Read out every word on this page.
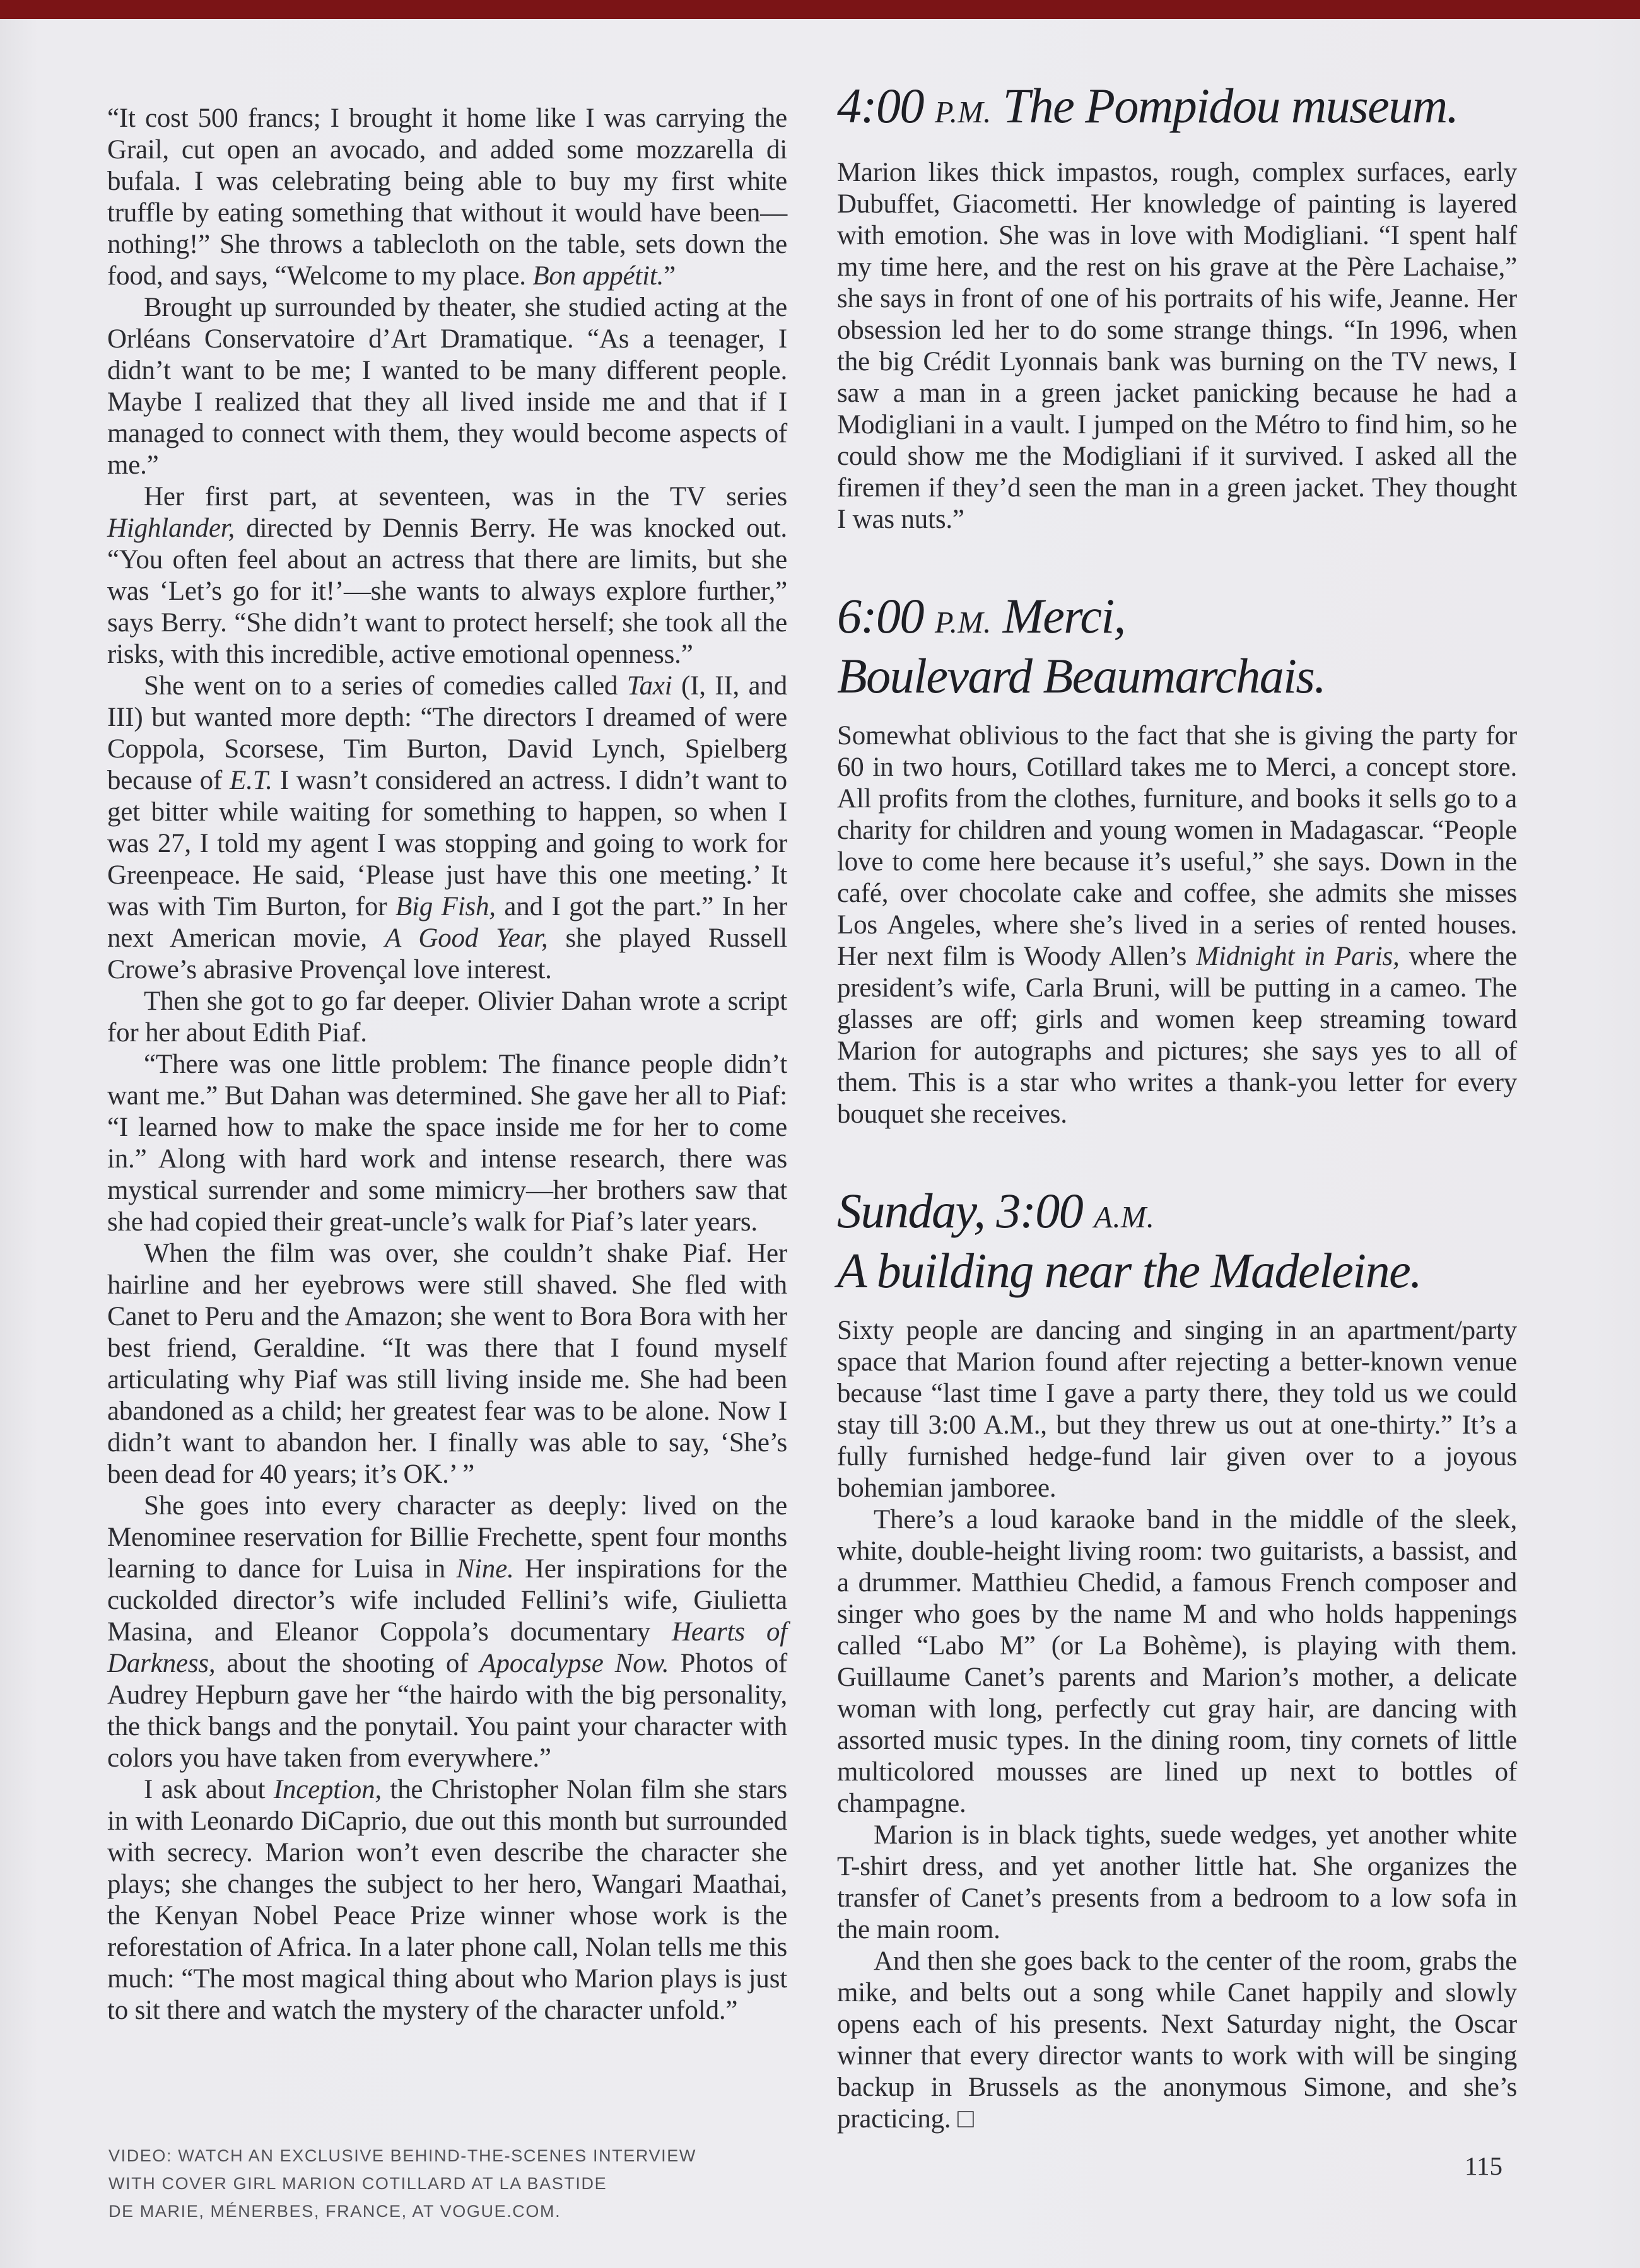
“It cost 500 francs; I brought it home like I was carrying the Grail, cut open an avocado, and added some mozzarella di bufala. I was celebrating being able to buy my first white truffle by eating something that without it would have been—nothing!” She throws a tablecloth on the table, sets down the food, and says, “Welcome to my place. Bon appétit.”

Brought up surrounded by theater, she studied acting at the Orléans Conservatoire d’Art Dramatique. “As a teenager, I didn’t want to be me; I wanted to be many different people. Maybe I realized that they all lived inside me and that if I managed to connect with them, they would become aspects of me.”

Her first part, at seventeen, was in the TV series Highlander, directed by Dennis Berry. He was knocked out. “You often feel about an actress that there are limits, but she was ‘Let’s go for it!’—she wants to always explore further,” says Berry. “She didn’t want to protect herself; she took all the risks, with this incredible, active emotional openness.”

She went on to a series of comedies called Taxi (I, II, and III) but wanted more depth: “The directors I dreamed of were Coppola, Scorsese, Tim Burton, David Lynch, Spielberg because of E.T. I wasn’t considered an actress. I didn’t want to get bitter while waiting for something to happen, so when I was 27, I told my agent I was stopping and going to work for Greenpeace. He said, ‘Please just have this one meeting.’ It was with Tim Burton, for Big Fish, and I got the part.” In her next American movie, A Good Year, she played Russell Crowe’s abrasive Provençal love interest.

Then she got to go far deeper. Olivier Dahan wrote a script for her about Edith Piaf.

“There was one little problem: The finance people didn’t want me.” But Dahan was determined. She gave her all to Piaf: “I learned how to make the space inside me for her to come in.” Along with hard work and intense research, there was mystical surrender and some mimicry—her brothers saw that she had copied their great-uncle’s walk for Piaf’s later years.

When the film was over, she couldn’t shake Piaf. Her hairline and her eyebrows were still shaved. She fled with Canet to Peru and the Amazon; she went to Bora Bora with her best friend, Geraldine. “It was there that I found myself articulating why Piaf was still living inside me. She had been abandoned as a child; her greatest fear was to be alone. Now I didn’t want to abandon her. I finally was able to say, ‘She’s been dead for 40 years; it’s OK.’ ”

She goes into every character as deeply: lived on the Menominee reservation for Billie Frechette, spent four months learning to dance for Luisa in Nine. Her inspirations for the cuckolded director’s wife included Fellini’s wife, Giulietta Masina, and Eleanor Coppola’s documentary Hearts of Darkness, about the shooting of Apocalypse Now. Photos of Audrey Hepburn gave her “the hairdo with the big personality, the thick bangs and the ponytail. You paint your character with colors you have taken from everywhere.”

I ask about Inception, the Christopher Nolan film she stars in with Leonardo DiCaprio, due out this month but surrounded with secrecy. Marion won’t even describe the character she plays; she changes the subject to her hero, Wangari Maathai, the Kenyan Nobel Peace Prize winner whose work is the reforestation of Africa. In a later phone call, Nolan tells me this much: “The most magical thing about who Marion plays is just to sit there and watch the mystery of the character unfold.”

4:00 P.M. The Pompidou museum.

Marion likes thick impastos, rough, complex surfaces, early Dubuffet, Giacometti. Her knowledge of painting is layered with emotion. She was in love with Modigliani. “I spent half my time here, and the rest on his grave at the Père Lachaise,” she says in front of one of his portraits of his wife, Jeanne. Her obsession led her to do some strange things. “In 1996, when the big Crédit Lyonnais bank was burning on the TV news, I saw a man in a green jacket panicking because he had a Modigliani in a vault. I jumped on the Métro to find him, so he could show me the Modigliani if it survived. I asked all the firemen if they’d seen the man in a green jacket. They thought I was nuts.”

6:00 P.M. Merci,
Boulevard Beaumarchais.

Somewhat oblivious to the fact that she is giving the party for 60 in two hours, Cotillard takes me to Merci, a concept store. All profits from the clothes, furniture, and books it sells go to a charity for children and young women in Madagascar. “People love to come here because it’s useful,” she says. Down in the café, over chocolate cake and coffee, she admits she misses Los Angeles, where she’s lived in a series of rented houses. Her next film is Woody Allen’s Midnight in Paris, where the president’s wife, Carla Bruni, will be putting in a cameo. The glasses are off; girls and women keep streaming toward Marion for autographs and pictures; she says yes to all of them. This is a star who writes a thank-you letter for every bouquet she receives.

Sunday, 3:00 A.M.
A building near the Madeleine.

Sixty people are dancing and singing in an apartment/party space that Marion found after rejecting a better-known venue because “last time I gave a party there, they told us we could stay till 3:00 A.M., but they threw us out at one-thirty.” It’s a fully furnished hedge-fund lair given over to a joyous bohemian jamboree.

There’s a loud karaoke band in the middle of the sleek, white, double-height living room: two guitarists, a bassist, and a drummer. Matthieu Chedid, a famous French composer and singer who goes by the name M and who holds happenings called “Labo M” (or La Bohème), is playing with them. Guillaume Canet’s parents and Marion’s mother, a delicate woman with long, perfectly cut gray hair, are dancing with assorted music types. In the dining room, tiny cornets of little multicolored mousses are lined up next to bottles of champagne.

Marion is in black tights, suede wedges, yet another white T-shirt dress, and yet another little hat. She organizes the transfer of Canet’s presents from a bedroom to a low sofa in the main room.

And then she goes back to the center of the room, grabs the mike, and belts out a song while Canet happily and slowly opens each of his presents. Next Saturday night, the Oscar winner that every director wants to work with will be singing backup in Brussels as the anonymous Simone, and she’s practicing. □

VIDEO: WATCH AN EXCLUSIVE BEHIND-THE-SCENES INTERVIEW
WITH COVER GIRL MARION COTILLARD AT LA BASTIDE
DE MARIE, MÉNERBES, FRANCE, AT VOGUE.COM.
115
